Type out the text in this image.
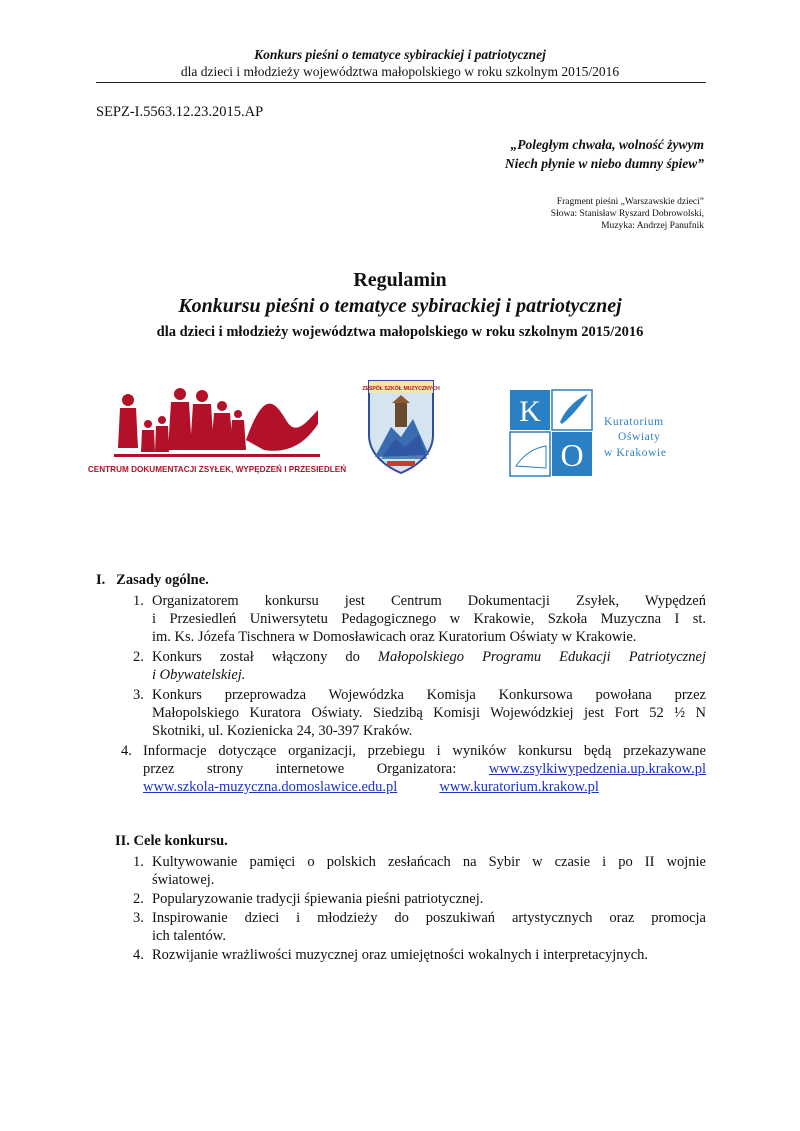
Konkurs pieśni o tematyce sybirackiej i patriotycznej
dla dzieci i młodzieży województwa małopolskiego w roku szkolnym 2015/2016
SEPZ-I.5563.12.23.2015.AP
„Poległym chwała, wolność żywym
Niech płynie w niebo dumny śpiew”
Fragment pieśni „Warszawskie dzieci”
Słowa: Stanisław Ryszard Dobrowolski,
Muzyka: Andrzej Panufnik
Regulamin
Konkursu pieśni o tematyce sybirackiej i patriotycznej
dla dzieci i młodzieży województwa małopolskiego w roku szkolnym 2015/2016
CENTRUM DOKUMENTACJI ZSYŁEK, WYPĘDZEŃ I PRZESIEDLEŃ
ZESPÓŁ SZKÓŁ MUZYCZNYCH
K
O
Kuratorium
Oświaty
w Krakowie
I.   Zasady ogólne.
1. Organizatorem konkursu jest Centrum Dokumentacji Zsyłek, Wypędzeń
i Przesiedleń Uniwersytetu Pedagogicznego w Krakowie, Szkoła Muzyczna I st.
im. Ks. Józefa Tischnera w Domosławicach oraz Kuratorium Oświaty w Krakowie.
2. Konkurs został włączony do Małopolskiego Programu Edukacji Patriotycznej
i Obywatelskiej.
3. Konkurs przeprowadza Wojewódzka Komisja Konkursowa powołana przez
Małopolskiego Kuratora Oświaty. Siedzibą Komisji Wojewódzkiej jest Fort 52 ½ N
Skotniki, ul. Kozienicka 24, 30-397 Kraków.
4. Informacje dotyczące organizacji, przebiegu i wyników konkursu będą przekazywane
przez strony internetowe Organizatora: www.zsylkiwypedzenia.up.krakow.pl
www.szkola-muzyczna.domoslawice.edu.pl	www.kuratorium.krakow.pl
II. Cele konkursu.
1. Kultywowanie pamięci o polskich zesłańcach na Sybir w czasie i po II wojnie
światowej.
2. Popularyzowanie tradycji śpiewania pieśni patriotycznej.
3. Inspirowanie dzieci i młodzieży do poszukiwań artystycznych oraz promocja
ich talentów.
4. Rozwijanie wrażliwości muzycznej oraz umiejętności wokalnych i interpretacyjnych.
